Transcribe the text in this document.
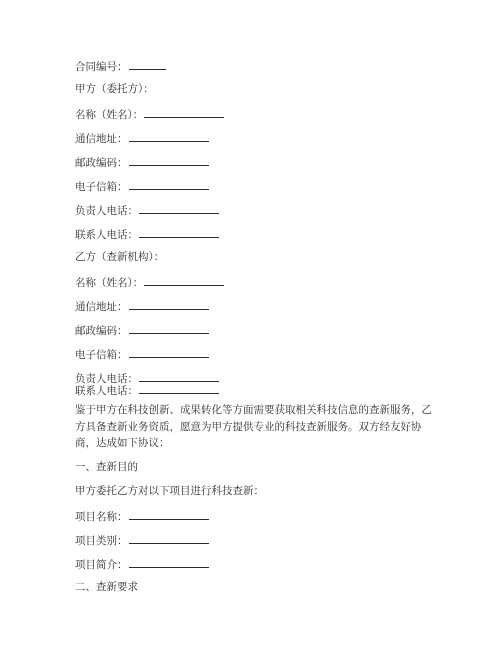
合同编号：
甲方（委托方）：
名称（姓名）：
通信地址：
邮政编码：
电子信箱：
负责人电话：
联系人电话：
乙方（查新机构）：
名称（姓名）：
通信地址：
邮政编码：
电子信箱：
负责人电话：
联系人电话：
鉴于甲方在科技创新、成果转化等方面需要获取相关科技信息的查新服务，乙方具备查新业务资质，愿意为甲方提供专业的科技查新服务。双方经友好协商，达成如下协议：
一、查新目的
甲方委托乙方对以下项目进行科技查新：
项目名称：
项目类别：
项目简介：
二、查新要求
